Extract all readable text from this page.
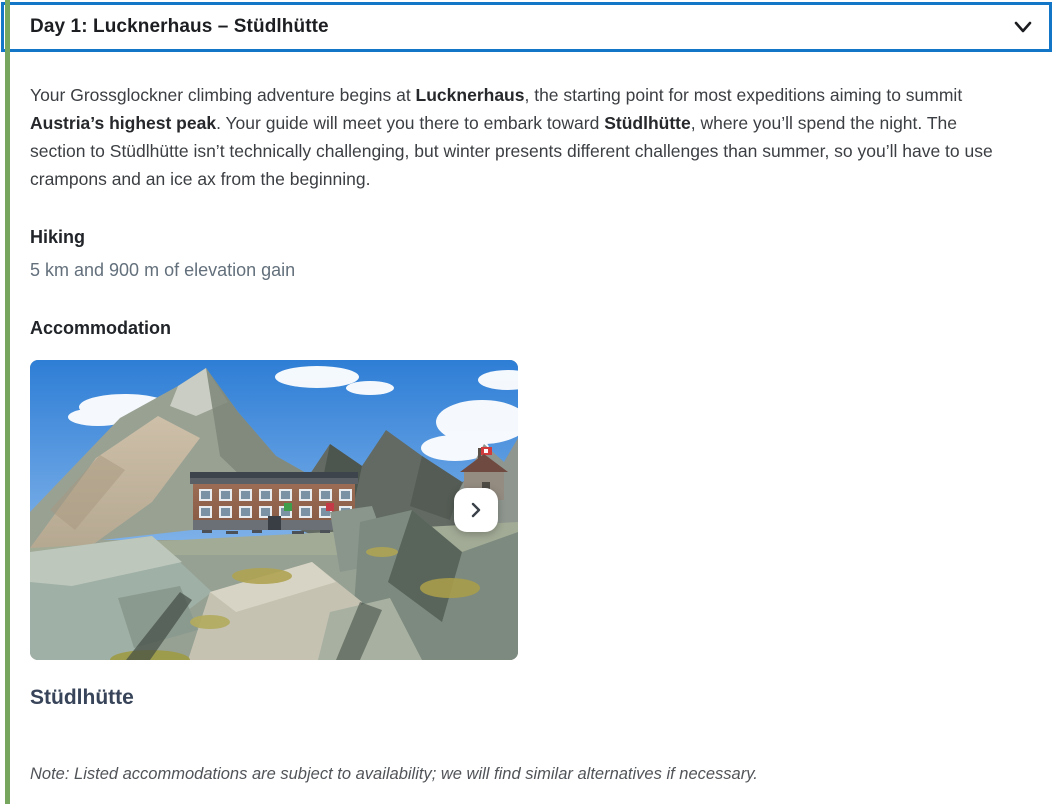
Day 1: Lucknerhaus – Stüdlhütte

Your Grossglockner climbing adventure begins at Lucknerhaus, the starting point for most expeditions aiming to summit Austria’s highest peak. Your guide will meet you there to embark toward Stüdlhütte, where you’ll spend the night. The section to Stüdlhütte isn’t technically challenging, but winter presents different challenges than summer, so you’ll have to use crampons and an ice ax from the beginning.

Hiking

5 km and 900 m of elevation gain

Accommodation
Stüdlhütte

Note: Listed accommodations are subject to availability; we will find similar alternatives if necessary.
